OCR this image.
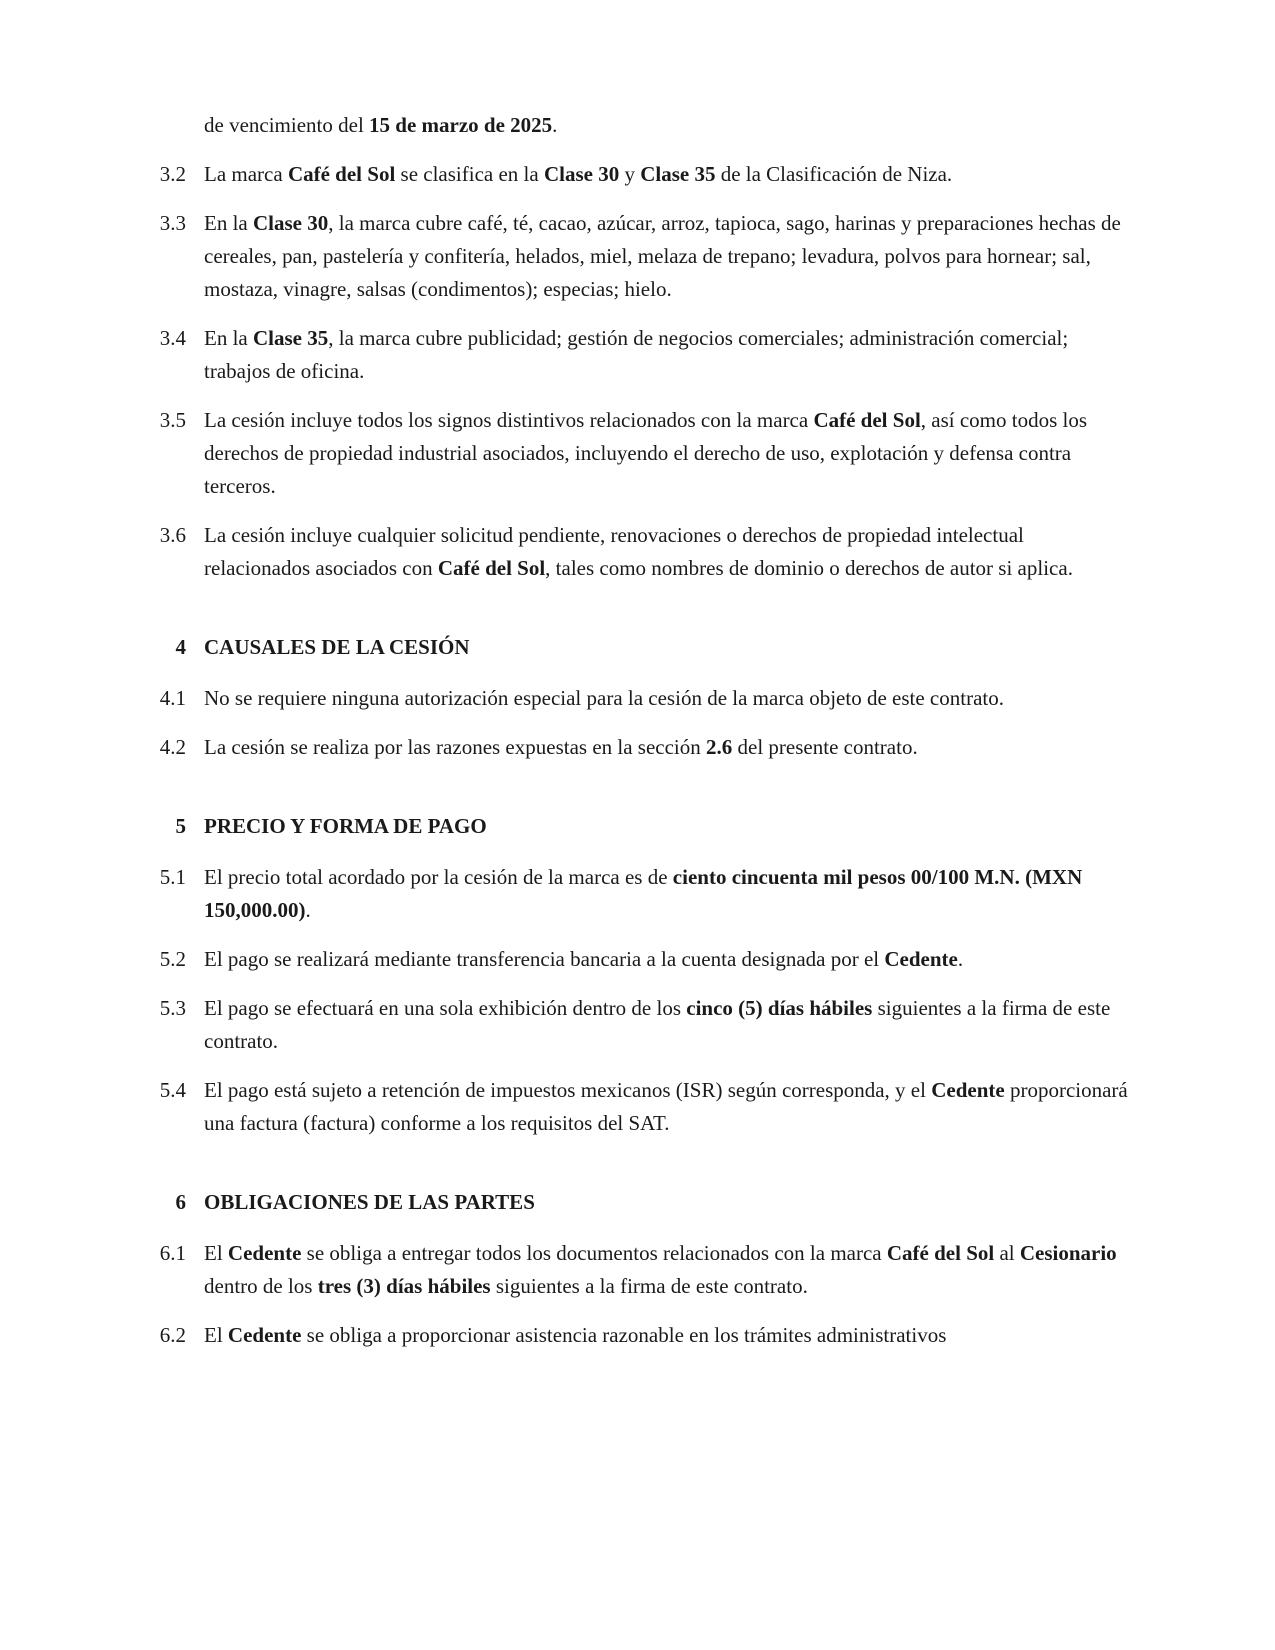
de vencimiento del 15 de marzo de 2025.
3.2 La marca Café del Sol se clasifica en la Clase 30 y Clase 35 de la Clasificación de Niza.
3.3 En la Clase 30, la marca cubre café, té, cacao, azúcar, arroz, tapioca, sago, harinas y preparaciones hechas de cereales, pan, pastelería y confitería, helados, miel, melaza de trepano; levadura, polvos para hornear; sal, mostaza, vinagre, salsas (condimentos); especias; hielo.
3.4 En la Clase 35, la marca cubre publicidad; gestión de negocios comerciales; administración comercial; trabajos de oficina.
3.5 La cesión incluye todos los signos distintivos relacionados con la marca Café del Sol, así como todos los derechos de propiedad industrial asociados, incluyendo el derecho de uso, explotación y defensa contra terceros.
3.6 La cesión incluye cualquier solicitud pendiente, renovaciones o derechos de propiedad intelectual relacionados asociados con Café del Sol, tales como nombres de dominio o derechos de autor si aplica.
4 CAUSALES DE LA CESIÓN
4.1 No se requiere ninguna autorización especial para la cesión de la marca objeto de este contrato.
4.2 La cesión se realiza por las razones expuestas en la sección 2.6 del presente contrato.
5 PRECIO Y FORMA DE PAGO
5.1 El precio total acordado por la cesión de la marca es de ciento cincuenta mil pesos 00/100 M.N. (MXN 150,000.00).
5.2 El pago se realizará mediante transferencia bancaria a la cuenta designada por el Cedente.
5.3 El pago se efectuará en una sola exhibición dentro de los cinco (5) días hábiles siguientes a la firma de este contrato.
5.4 El pago está sujeto a retención de impuestos mexicanos (ISR) según corresponda, y el Cedente proporcionará una factura (factura) conforme a los requisitos del SAT.
6 OBLIGACIONES DE LAS PARTES
6.1 El Cedente se obliga a entregar todos los documentos relacionados con la marca Café del Sol al Cesionario dentro de los tres (3) días hábiles siguientes a la firma de este contrato.
6.2 El Cedente se obliga a proporcionar asistencia razonable en los trámites administrativos
